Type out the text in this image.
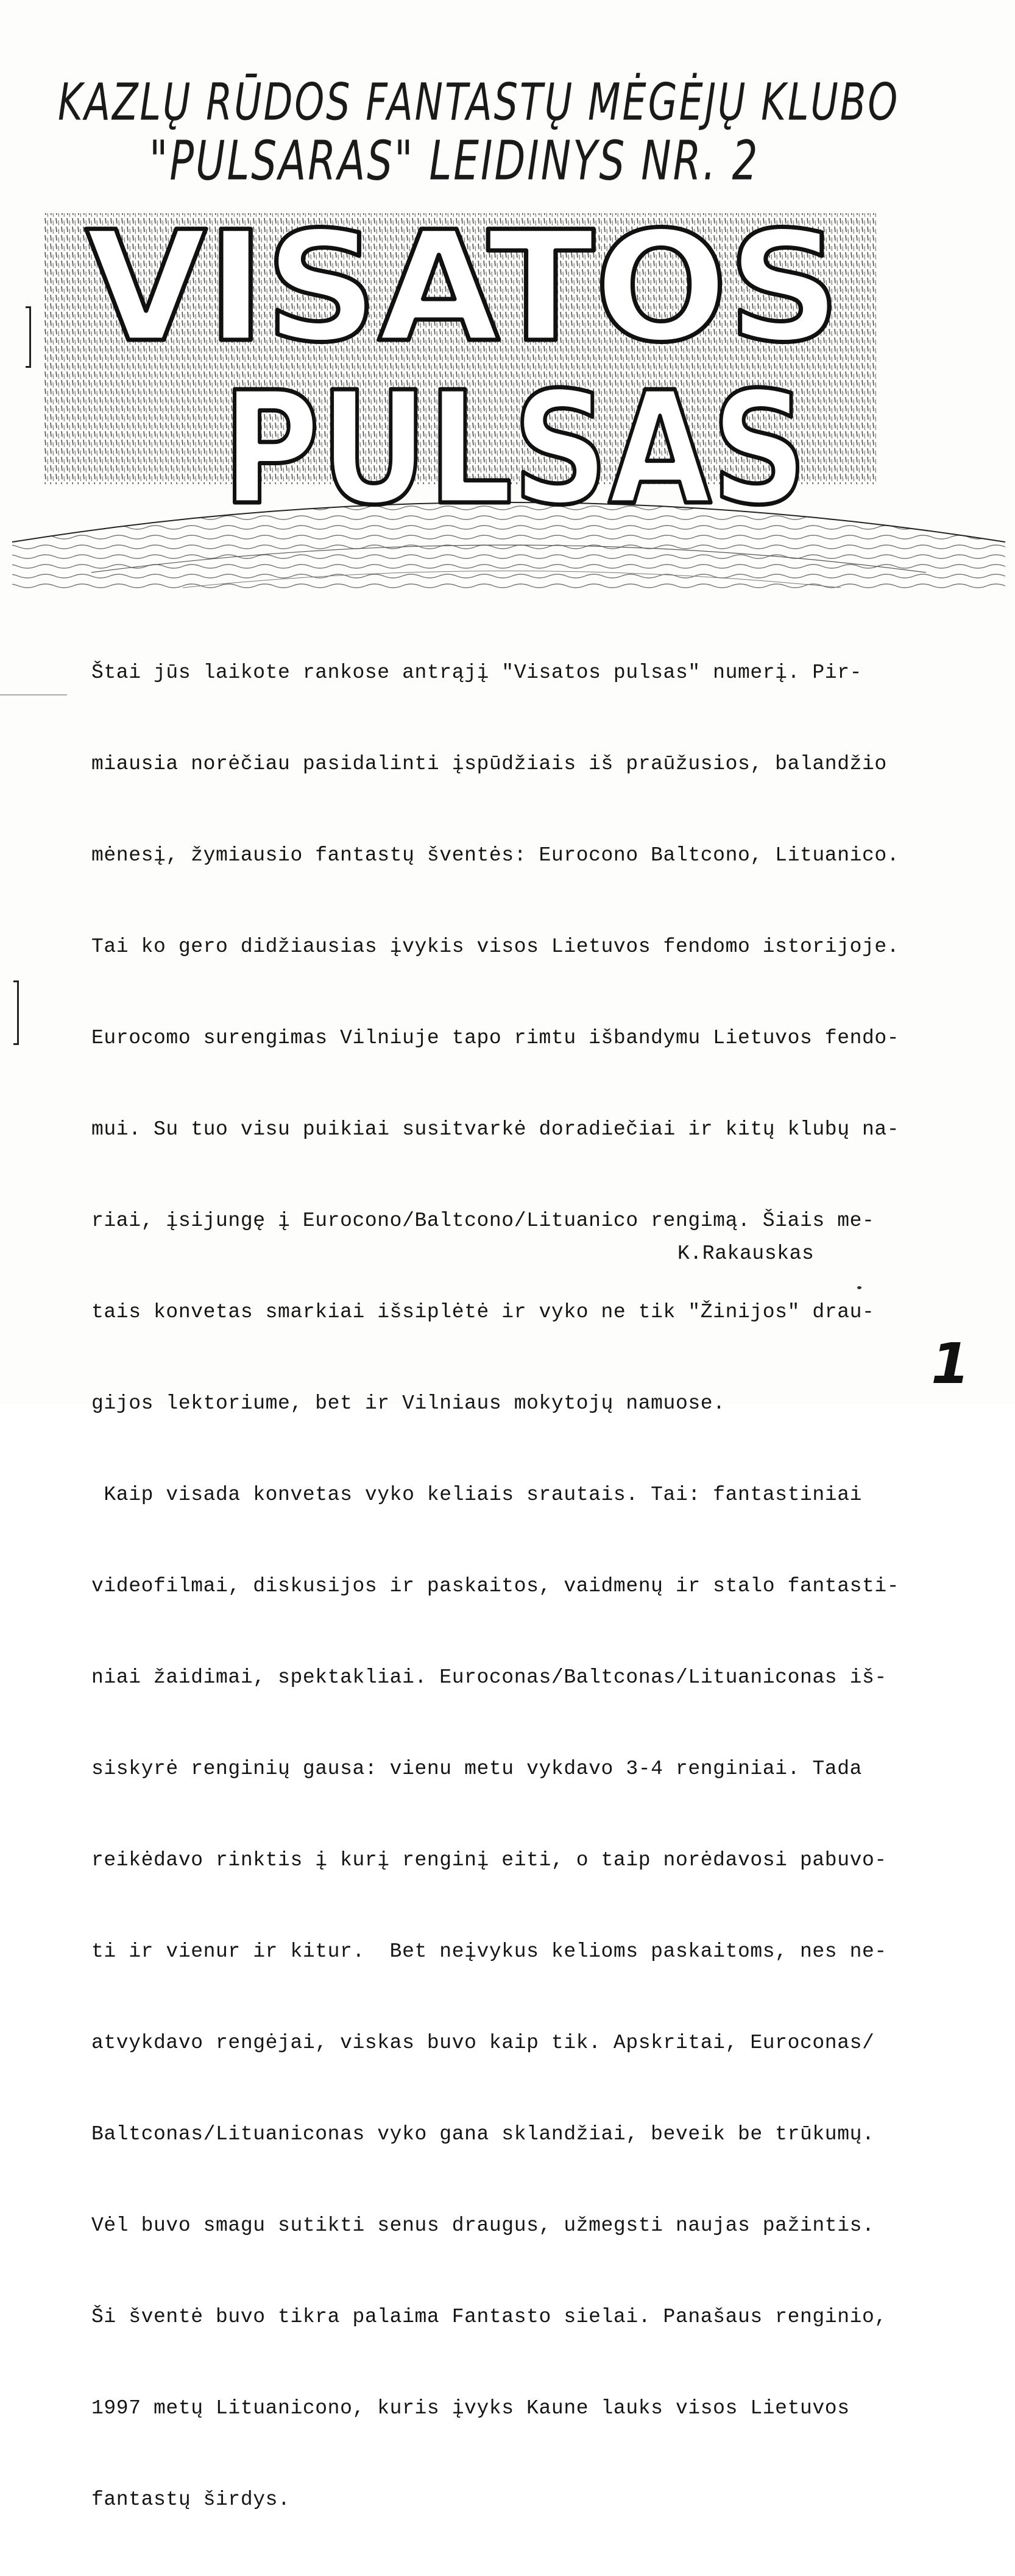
KAZLŲ RŪDOS FANTASTŲ MĖGĖJŲ KLUBO
"PULSARAS" LEIDINYS NR. 2
VISATOS
PULSAS

Štai jūs laikote rankose antrąjį "Visatos pulsas" numerį. Pir-

miausia norėčiau pasidalinti įspūdžiais iš praūžusios, balandžio

mėnesį, žymiausio fantastų šventės: Eurocono Baltcono, Lituanico.

Tai ko gero didžiausias įvykis visos Lietuvos fendomo istorijoje.

Eurocomo surengimas Vilniuje tapo rimtu išbandymu Lietuvos fendo-

mui. Su tuo visu puikiai susitvarkė doradiečiai ir kitų klubų na-

riai, įsijungę į Eurocono/Baltcono/Lituanico rengimą. Šiais me-

tais konvetas smarkiai išsiplėtė ir vyko ne tik "Žinijos" drau-

gijos lektoriume, bet ir Vilniaus mokytojų namuose.

Kaip visada konvetas vyko keliais srautais. Tai: fantastiniai

videofilmai, diskusijos ir paskaitos, vaidmenų ir stalo fantasti-

niai žaidimai, spektakliai. Euroconas/Baltconas/Lituaniconas iš-

siskyrė renginių gausa: vienu metu vykdavo 3-4 renginiai. Tada

reikėdavo rinktis į kurį renginį eiti, o taip norėdavosi pabuvo-

ti ir vienur ir kitur.  Bet neįvykus kelioms paskaitoms, nes ne-

atvykdavo rengėjai, viskas buvo kaip tik. Apskritai, Euroconas/

Baltconas/Lituaniconas vyko gana sklandžiai, beveik be trūkumų.

Vėl buvo smagu sutikti senus draugus, užmegsti naujas pažintis.

Ši šventė buvo tikra palaima Fantasto sielai. Panašaus renginio,

1997 metų Lituanicono, kuris įvyks Kaune lauks visos Lietuvos

fantastų širdys.

K.Rakauskas
1
